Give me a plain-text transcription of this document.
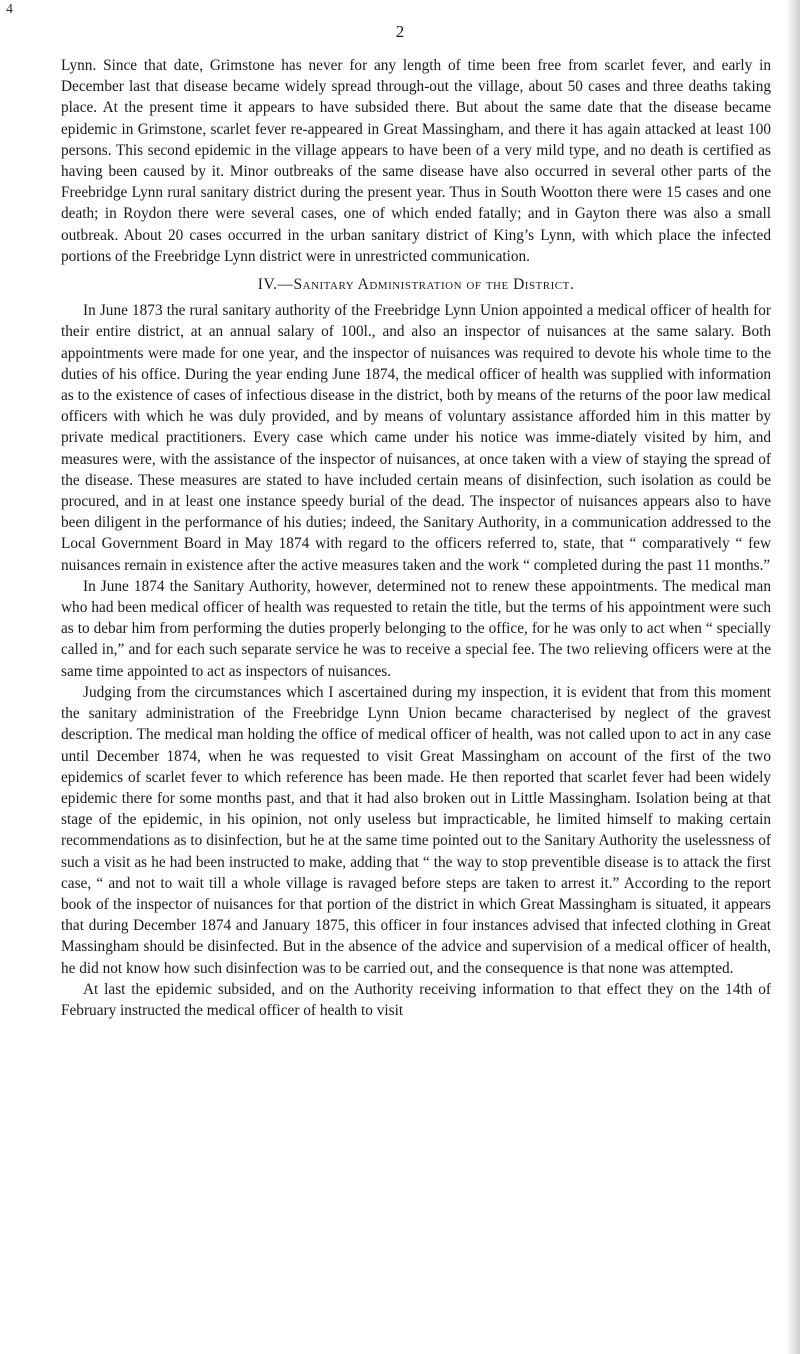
4
2

Lynn. Since that date, Grimstone has never for any length of time been free from scarlet fever, and early in December last that disease became widely spread through-out the village, about 50 cases and three deaths taking place. At the present time it appears to have subsided there. But about the same date that the disease became epidemic in Grimstone, scarlet fever re-appeared in Great Massingham, and there it has again attacked at least 100 persons. This second epidemic in the village appears to have been of a very mild type, and no death is certified as having been caused by it. Minor outbreaks of the same disease have also occurred in several other parts of the Freebridge Lynn rural sanitary district during the present year. Thus in South Wootton there were 15 cases and one death; in Roydon there were several cases, one of which ended fatally; and in Gayton there was also a small outbreak. About 20 cases occurred in the urban sanitary district of King’s Lynn, with which place the infected portions of the Freebridge Lynn district were in unrestricted communication.

IV.—Sanitary Administration of the District.

In June 1873 the rural sanitary authority of the Freebridge Lynn Union appointed a medical officer of health for their entire district, at an annual salary of 100l., and also an inspector of nuisances at the same salary. Both appointments were made for one year, and the inspector of nuisances was required to devote his whole time to the duties of his office. During the year ending June 1874, the medical officer of health was supplied with information as to the existence of cases of infectious disease in the district, both by means of the returns of the poor law medical officers with which he was duly provided, and by means of voluntary assistance afforded him in this matter by private medical practitioners. Every case which came under his notice was imme-diately visited by him, and measures were, with the assistance of the inspector of nuisances, at once taken with a view of staying the spread of the disease. These measures are stated to have included certain means of disinfection, such isolation as could be procured, and in at least one instance speedy burial of the dead. The inspector of nuisances appears also to have been diligent in the performance of his duties; indeed, the Sanitary Authority, in a communication addressed to the Local Government Board in May 1874 with regard to the officers referred to, state, that “ comparatively “ few nuisances remain in existence after the active measures taken and the work “ completed during the past 11 months.”

In June 1874 the Sanitary Authority, however, determined not to renew these appointments. The medical man who had been medical officer of health was requested to retain the title, but the terms of his appointment were such as to debar him from performing the duties properly belonging to the office, for he was only to act when “ specially called in,” and for each such separate service he was to receive a special fee. The two relieving officers were at the same time appointed to act as inspectors of nuisances.

Judging from the circumstances which I ascertained during my inspection, it is evident that from this moment the sanitary administration of the Freebridge Lynn Union became characterised by neglect of the gravest description. The medical man holding the office of medical officer of health, was not called upon to act in any case until December 1874, when he was requested to visit Great Massingham on account of the first of the two epidemics of scarlet fever to which reference has been made. He then reported that scarlet fever had been widely epidemic there for some months past, and that it had also broken out in Little Massingham. Isolation being at that stage of the epidemic, in his opinion, not only useless but impracticable, he limited himself to making certain recommendations as to disinfection, but he at the same time pointed out to the Sanitary Authority the uselessness of such a visit as he had been instructed to make, adding that “ the way to stop preventible disease is to attack the first case, “ and not to wait till a whole village is ravaged before steps are taken to arrest it.” According to the report book of the inspector of nuisances for that portion of the district in which Great Massingham is situated, it appears that during December 1874 and January 1875, this officer in four instances advised that infected clothing in Great Massingham should be disinfected. But in the absence of the advice and supervision of a medical officer of health, he did not know how such disinfection was to be carried out, and the consequence is that none was attempted.

At last the epidemic subsided, and on the Authority receiving information to that effect they on the 14th of February instructed the medical officer of health to visit
